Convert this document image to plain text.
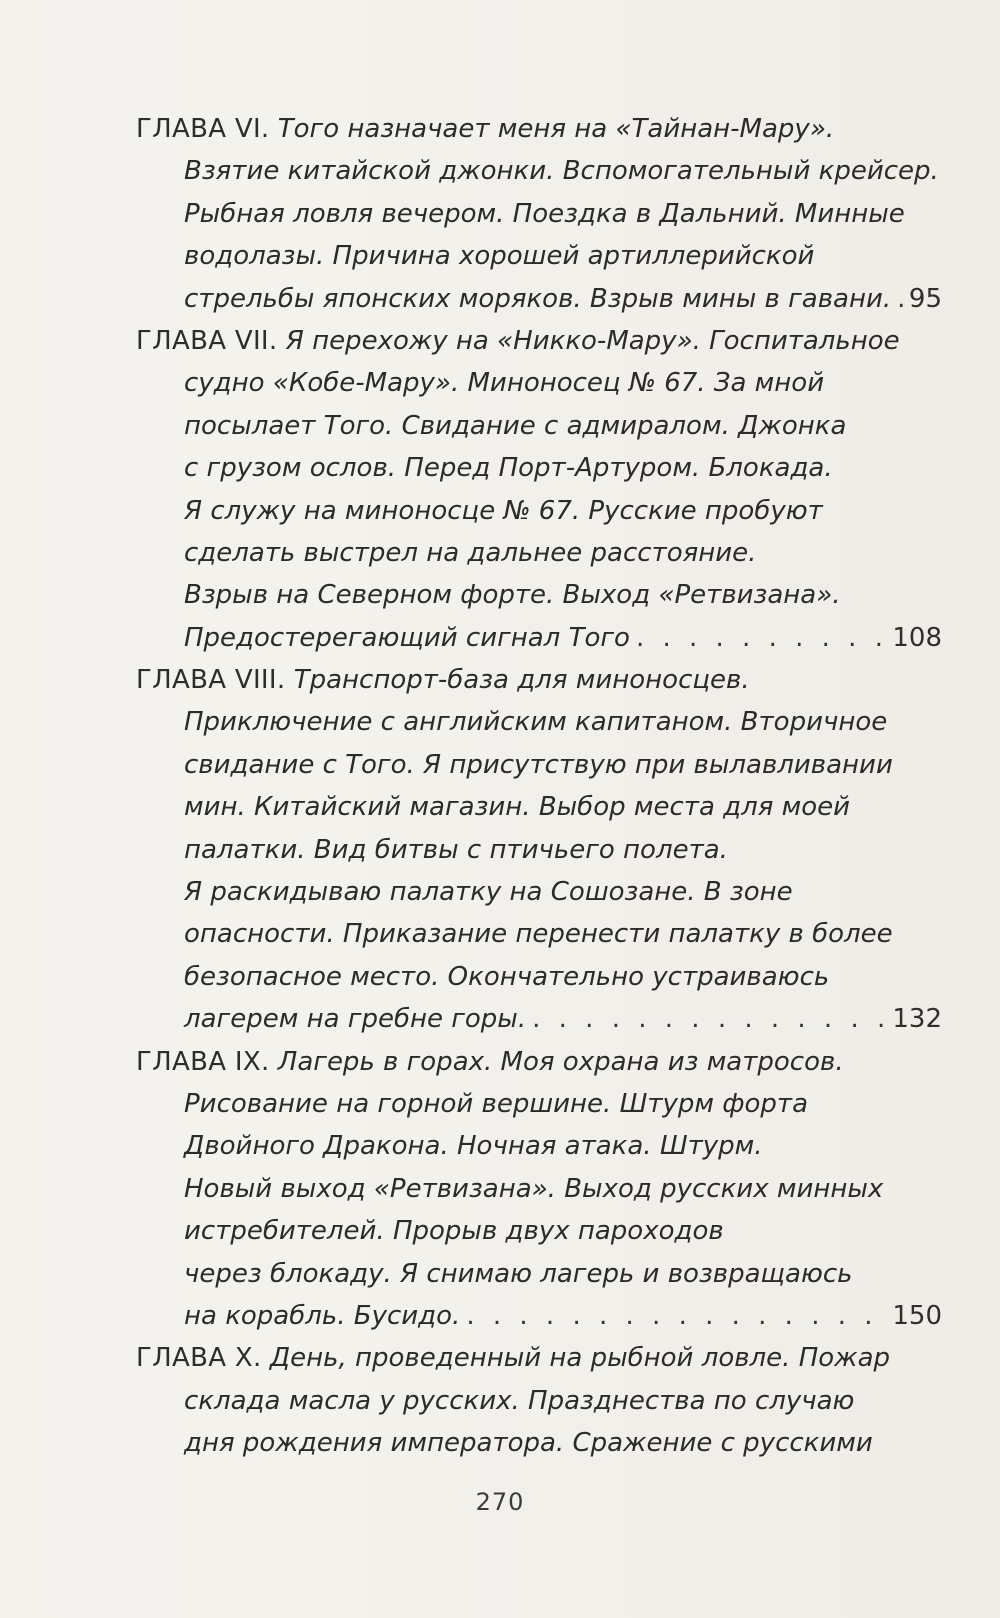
ГЛАВА VI. Того назначает меня на «Тайнан-Мару».
Взятие китайской джонки. Вспомогательный крейсер.
Рыбная ловля вечером. Поездка в Дальний. Минные
водолазы. Причина хорошей артиллерийской
стрельбы японских моряков. Взрыв мины в гавани. . . . 95
ГЛАВА VII. Я перехожу на «Никко-Мару». Госпитальное
судно «Кобе-Мару». Миноносец № 67. За мной
посылает Того. Свидание с адмиралом. Джонка
с грузом ослов. Перед Порт-Артуром. Блокада.
Я служу на миноносце № 67. Русские пробуют
сделать выстрел на дальнее расстояние.
Взрыв на Северном форте. Выход «Ретвизана».
Предостерегающий сигнал Того . . .	108
ГЛАВА VIII. Транспорт-база для миноносцев.
Приключение с английским капитаном. Вторичное
свидание с Того. Я присутствую при вылавливании
мин. Китайский магазин. Выбор места для моей
палатки. Вид битвы с птичьего полета.
Я раскидываю палатку на Сошозане. В зоне
опасности. Приказание перенести палатку в более
безопасное место. Окончательно устраиваюсь
лагерем на гребне горы. . . .	132
ГЛАВА IX. Лагерь в горах. Моя охрана из матросов.
Рисование на горной вершине. Штурм форта
Двойного Дракона. Ночная атака. Штурм.
Новый выход «Ретвизана». Выход русских минных
истребителей. Прорыв двух пароходов
через блокаду. Я снимаю лагерь и возвращаюсь
на корабль. Бусидо. . . .	150
ГЛАВА X. День, проведенный на рыбной ловле. Пожар
склада масла у русских. Празднества по случаю
дня рождения императора. Сражение с русскими
270
